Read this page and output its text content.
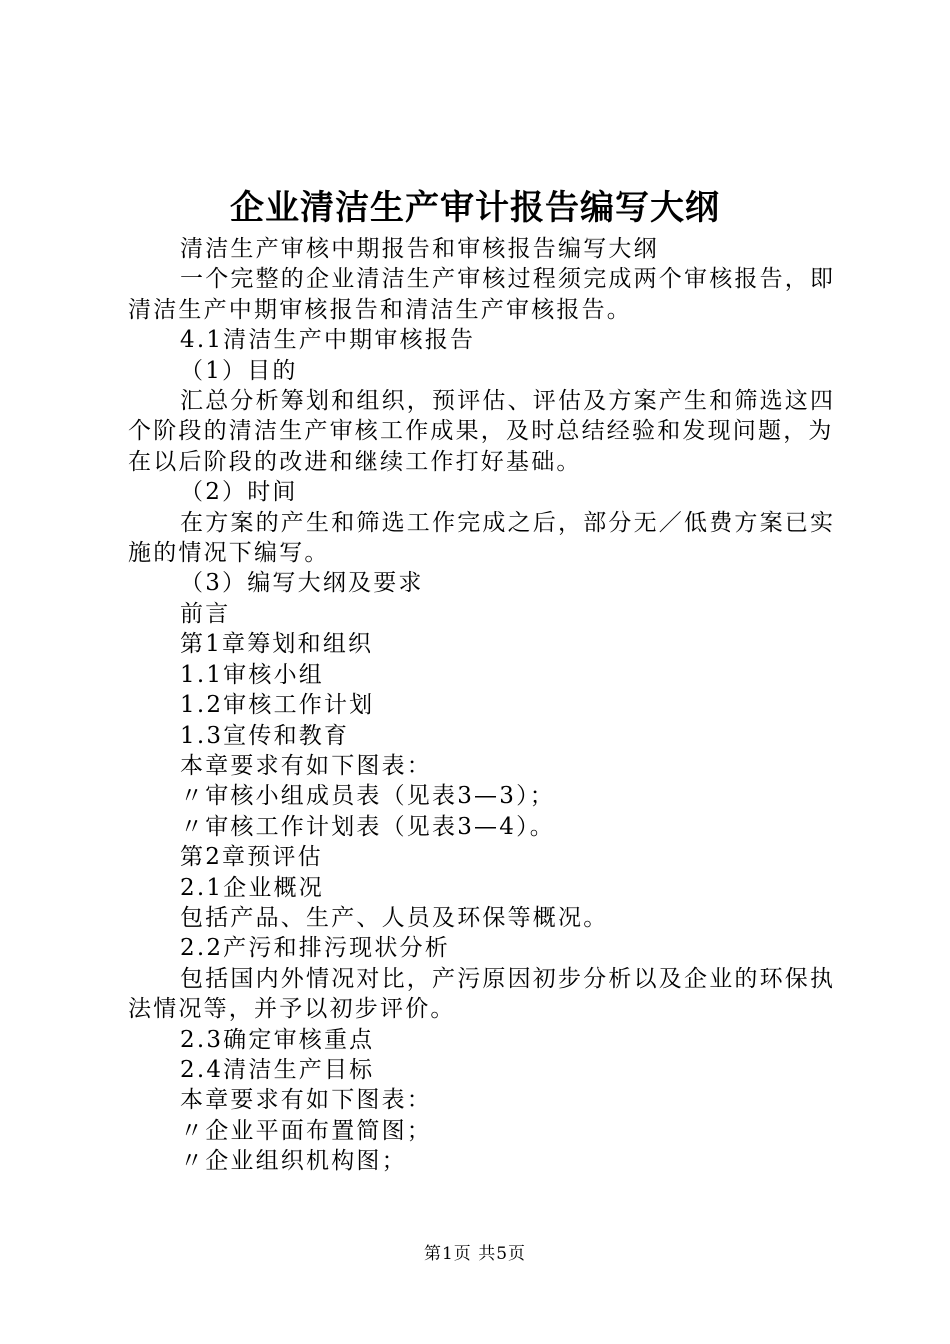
企业清洁生产审计报告编写大纲

清洁生产审核中期报告和审核报告编写大纲

一个完整的企业清洁生产审核过程须完成两个审核报告，即清洁生产中期审核报告和清洁生产审核报告。

4.1清洁生产中期审核报告

（1）目的

汇总分析筹划和组织，预评估、评估及方案产生和筛选这四个阶段的清洁生产审核工作成果，及时总结经验和发现问题，为在以后阶段的改进和继续工作打好基础。

（2）时间

在方案的产生和筛选工作完成之后，部分无／低费方案已实施的情况下编写。

（3）编写大纲及要求

前言

第1章筹划和组织

1.1审核小组

1.2审核工作计划

1.3宣传和教育

本章要求有如下图表：

〃审核小组成员表（见表3—3）；

〃审核工作计划表（见表3—4）。

第2章预评估

2.1企业概况

包括产品、生产、人员及环保等概况。

2.2产污和排污现状分析

包括国内外情况对比，产污原因初步分析以及企业的环保执法情况等，并予以初步评价。

2.3确定审核重点

2.4清洁生产目标

本章要求有如下图表：

〃企业平面布置简图；

〃企业组织机构图；

第1页 共5页
